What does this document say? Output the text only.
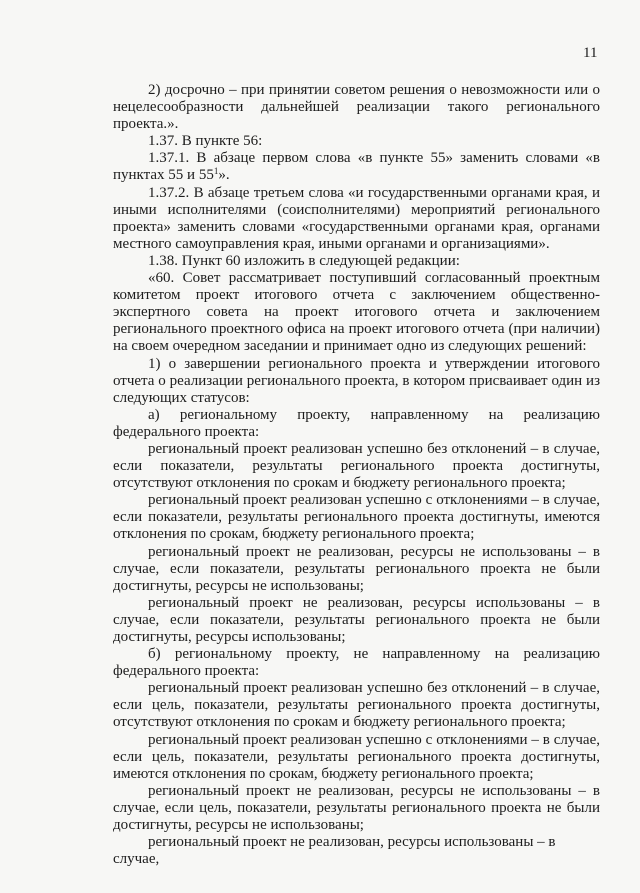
11

2) досрочно – при принятии советом решения о невозможности или о нецелесообразности дальнейшей реализации такого регионального проекта.».

1.37. В пункте 56:

1.37.1. В абзаце первом слова «в пункте 55» заменить словами «в пунктах 55 и $55^1$».

1.37.2. В абзаце третьем слова «и государственными органами края, и иными исполнителями (соисполнителями) мероприятий регионального проекта» заменить словами «государственными органами края, органами местного самоуправления края, иными органами и организациями».

1.38. Пункт 60 изложить в следующей редакции:

«60. Совет рассматривает поступивший согласованный проектным комитетом проект итогового отчета с заключением общественно-экспертного совета на проект итогового отчета и заключением регионального проектного офиса на проект итогового отчета (при наличии) на своем очередном заседании и принимает одно из следующих решений:

1) о завершении регионального проекта и утверждении итогового отчета о реализации регионального проекта, в котором присваивает один из следующих статусов:

а) региональному проекту, направленному на реализацию федерального проекта:

региональный проект реализован успешно без отклонений – в случае, если показатели, результаты регионального проекта достигнуты, отсутствуют отклонения по срокам и бюджету регионального проекта;

региональный проект реализован успешно с отклонениями – в случае, если показатели, результаты регионального проекта достигнуты, имеются отклонения по срокам, бюджету регионального проекта;

региональный проект не реализован, ресурсы не использованы – в случае, если показатели, результаты регионального проекта не были достигнуты, ресурсы не использованы;

региональный проект не реализован, ресурсы использованы – в случае, если показатели, результаты регионального проекта не были достигнуты, ресурсы использованы;

б) региональному проекту, не направленному на реализацию федерального проекта:

региональный проект реализован успешно без отклонений – в случае, если цель, показатели, результаты регионального проекта достигнуты, отсутствуют отклонения по срокам и бюджету регионального проекта;

региональный проект реализован успешно с отклонениями – в случае, если цель, показатели, результаты регионального проекта достигнуты, имеются отклонения по срокам, бюджету регионального проекта;

региональный проект не реализован, ресурсы не использованы – в случае, если цель, показатели, результаты регионального проекта не были достигнуты, ресурсы не использованы;

региональный проект не реализован, ресурсы использованы – в случае,
